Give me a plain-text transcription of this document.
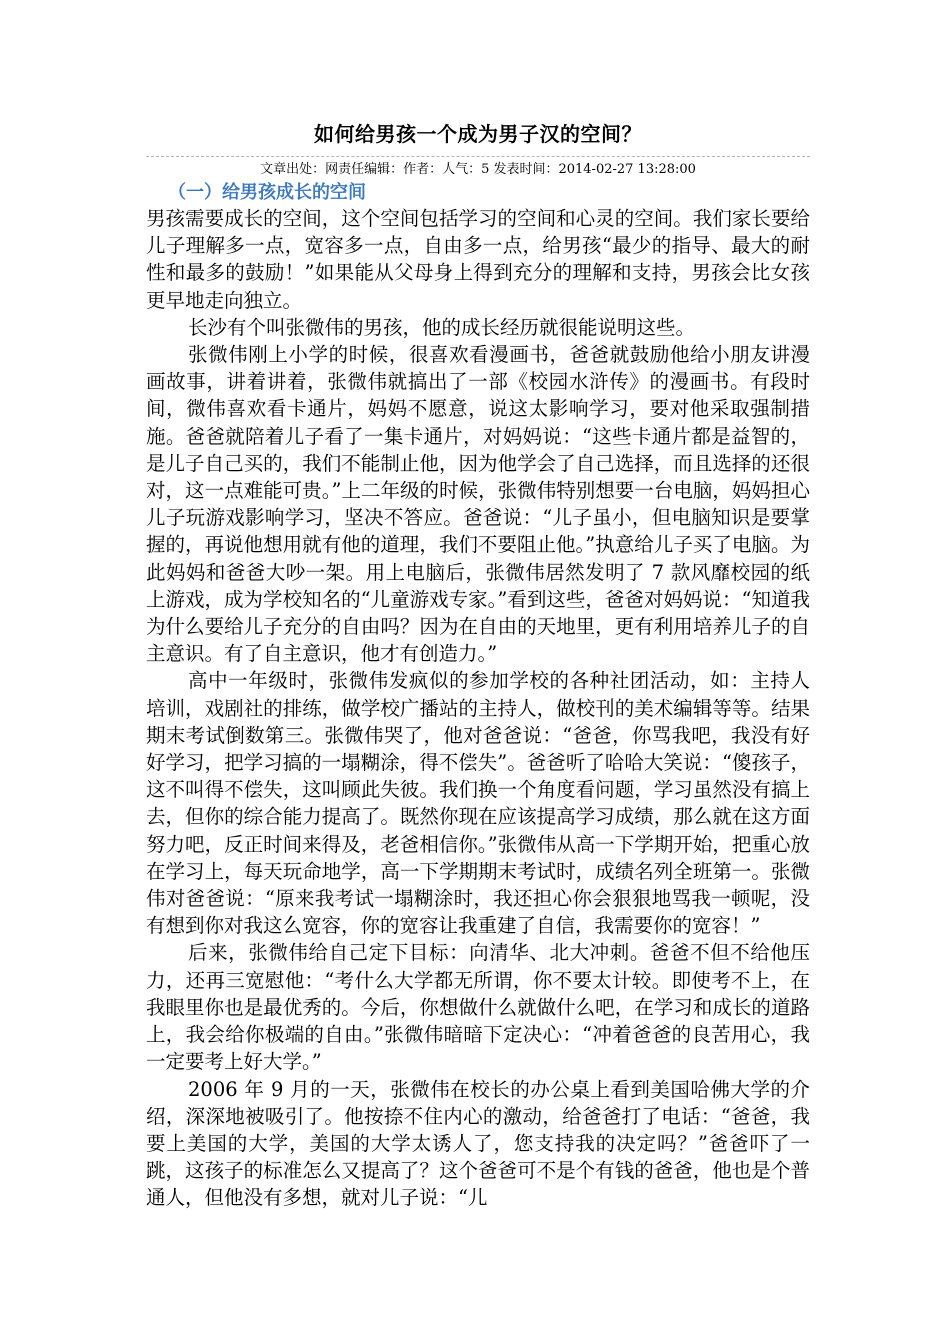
如何给男孩一个成为男子汉的空间？
文章出处：网责任编辑：作者：人气：5 发表时间：2014-02-27 13:28:00
（一）给男孩成长的空间

男孩需要成长的空间，这个空间包括学习的空间和心灵的空间。我们家长要给儿子理解多一点，宽容多一点，自由多一点，给男孩“最少的指导、最大的耐性和最多的鼓励！”如果能从父母身上得到充分的理解和支持，男孩会比女孩更早地走向独立。

长沙有个叫张微伟的男孩，他的成长经历就很能说明这些。

张微伟刚上小学的时候，很喜欢看漫画书，爸爸就鼓励他给小朋友讲漫画故事，讲着讲着，张微伟就搞出了一部《校园水浒传》的漫画书。有段时间，微伟喜欢看卡通片，妈妈不愿意，说这太影响学习，要对他采取强制措施。爸爸就陪着儿子看了一集卡通片，对妈妈说：“这些卡通片都是益智的，是儿子自己买的，我们不能制止他，因为他学会了自己选择，而且选择的还很对，这一点难能可贵。”上二年级的时候，张微伟特别想要一台电脑，妈妈担心儿子玩游戏影响学习，坚决不答应。爸爸说：“儿子虽小，但电脑知识是要掌握的，再说他想用就有他的道理，我们不要阻止他。”执意给儿子买了电脑。为此妈妈和爸爸大吵一架。用上电脑后，张微伟居然发明了 7 款风靡校园的纸上游戏，成为学校知名的“儿童游戏专家。”看到这些，爸爸对妈妈说：“知道我为什么要给儿子充分的自由吗？因为在自由的天地里，更有利用培养儿子的自主意识。有了自主意识，他才有创造力。”

高中一年级时，张微伟发疯似的参加学校的各种社团活动，如：主持人培训，戏剧社的排练，做学校广播站的主持人，做校刊的美术编辑等等。结果期末考试倒数第三。张微伟哭了，他对爸爸说：“爸爸，你骂我吧，我没有好好学习，把学习搞的一塌糊涂，得不偿失”。爸爸听了哈哈大笑说：“傻孩子，这不叫得不偿失，这叫顾此失彼。我们换一个角度看问题，学习虽然没有搞上去，但你的综合能力提高了。既然你现在应该提高学习成绩，那么就在这方面努力吧，反正时间来得及，老爸相信你。”张微伟从高一下学期开始，把重心放在学习上，每天玩命地学，高一下学期期末考试时，成绩名列全班第一。张微伟对爸爸说：“原来我考试一塌糊涂时，我还担心你会狠狠地骂我一顿呢，没有想到你对我这么宽容，你的宽容让我重建了自信，我需要你的宽容！”

后来，张微伟给自己定下目标：向清华、北大冲刺。爸爸不但不给他压力，还再三宽慰他：“考什么大学都无所谓，你不要太计较。即使考不上，在我眼里你也是最优秀的。今后，你想做什么就做什么吧，在学习和成长的道路上，我会给你极端的自由。”张微伟暗暗下定决心：“冲着爸爸的良苦用心，我一定要考上好大学。”

2006 年 9 月的一天，张微伟在校长的办公桌上看到美国哈佛大学的介绍，深深地被吸引了。他按捺不住内心的激动，给爸爸打了电话：“爸爸，我要上美国的大学，美国的大学太诱人了，您支持我的决定吗？”爸爸吓了一跳，这孩子的标准怎么又提高了？这个爸爸可不是个有钱的爸爸，他也是个普通人，但他没有多想，就对儿子说：“儿
